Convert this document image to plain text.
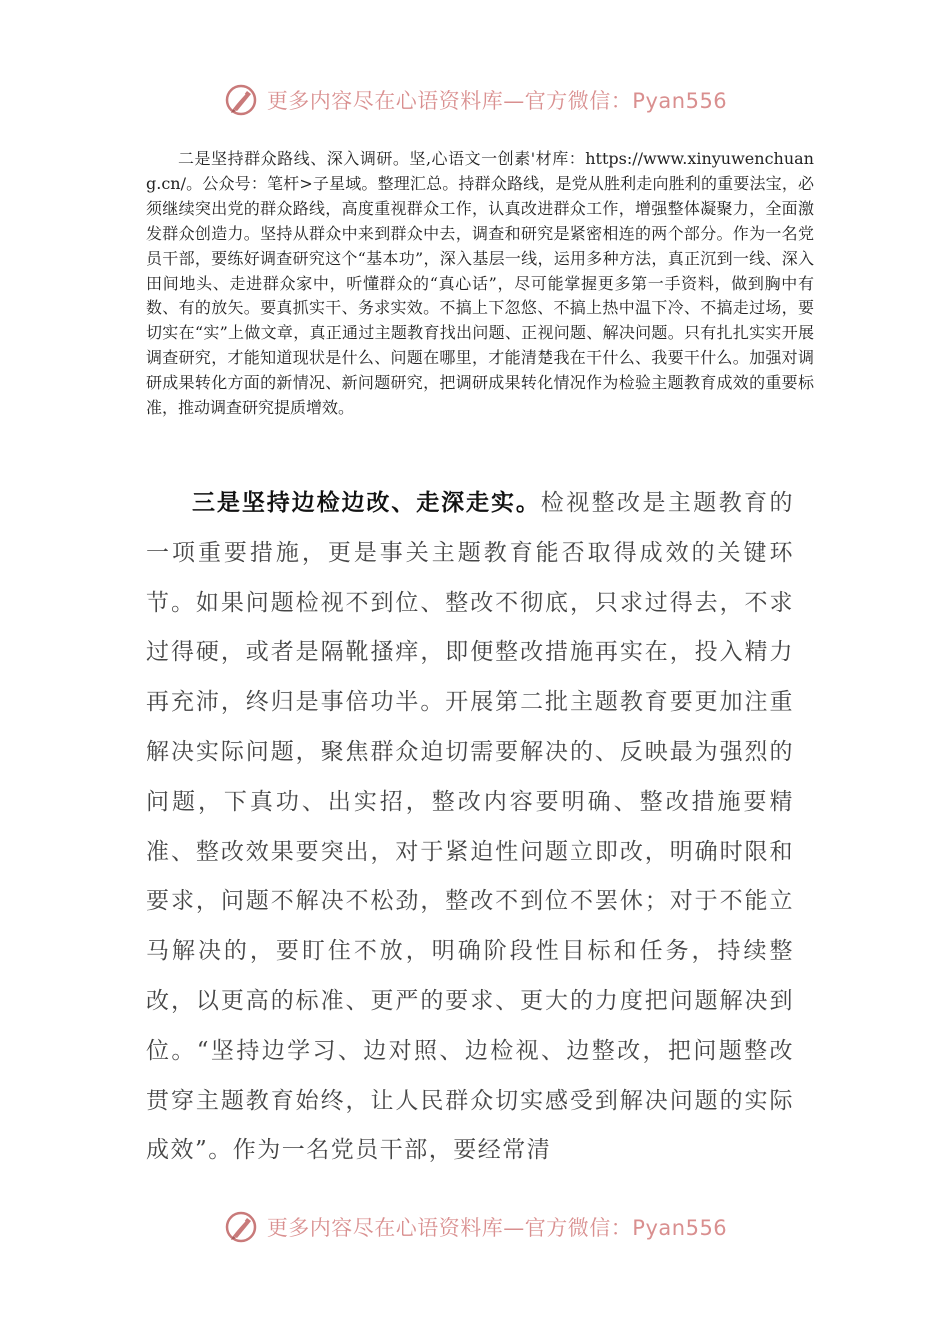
更多内容尽在心语资料库—官方微信：Pyan556

二是坚持群众路线、深入调研。坚,心语文一创素'材库：https://www.xinyuwenchuang.cn/。公众号：笔杆>子星域。整理汇总。持群众路线，是党从胜利走向胜利的重要法宝，必须继续突出党的群众路线，高度重视群众工作，认真改进群众工作，增强整体凝聚力，全面激发群众创造力。坚持从群众中来到群众中去，调查和研究是紧密相连的两个部分。作为一名党员干部，要练好调查研究这个“基本功”，深入基层一线，运用多种方法，真正沉到一线、深入田间地头、走进群众家中，听懂群众的“真心话”，尽可能掌握更多第一手资料，做到胸中有数、有的放矢。要真抓实干、务求实效。不搞上下忽悠、不搞上热中温下冷、不搞走过场，要切实在“实”上做文章，真正通过主题教育找出问题、正视问题、解决问题。只有扎扎实实开展调查研究，才能知道现状是什么、问题在哪里，才能清楚我在干什么、我要干什么。加强对调研成果转化方面的新情况、新问题研究，把调研成果转化情况作为检验主题教育成效的重要标准，推动调查研究提质增效。

三是坚持边检边改、走深走实。检视整改是主题教育的一项重要措施，更是事关主题教育能否取得成效的关键环节。如果问题检视不到位、整改不彻底，只求过得去，不求过得硬，或者是隔靴搔痒，即便整改措施再实在，投入精力再充沛，终归是事倍功半。开展第二批主题教育要更加注重解决实际问题，聚焦群众迫切需要解决的、反映最为强烈的问题，下真功、出实招，整改内容要明确、整改措施要精准、整改效果要突出，对于紧迫性问题立即改，明确时限和要求，问题不解决不松劲，整改不到位不罢休；对于不能立马解决的，要盯住不放，明确阶段性目标和任务，持续整改，以更高的标准、更严的要求、更大的力度把问题解决到位。“坚持边学习、边对照、边检视、边整改，把问题整改贯穿主题教育始终，让人民群众切实感受到解决问题的实际成效”。作为一名党员干部，要经常清

更多内容尽在心语资料库—官方微信：Pyan556
